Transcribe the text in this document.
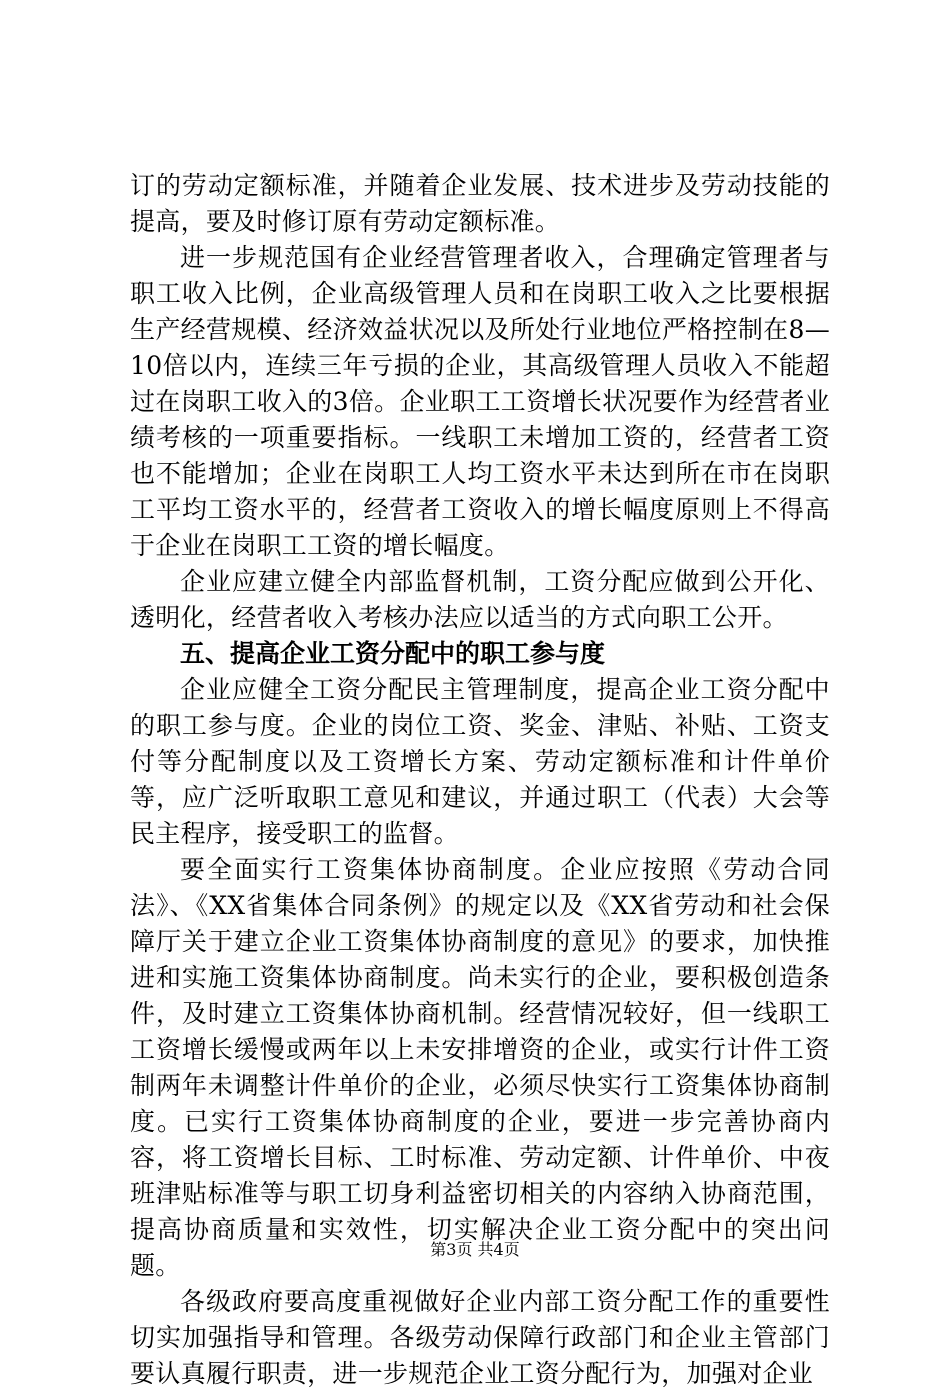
订的劳动定额标准，并随着企业发展、技术进步及劳动技能的提高，要及时修订原有劳动定额标准。

进一步规范国有企业经营管理者收入，合理确定管理者与职工收入比例，企业高级管理人员和在岗职工收入之比要根据生产经营规模、经济效益状况以及所处行业地位严格控制在8—10倍以内，连续三年亏损的企业，其高级管理人员收入不能超过在岗职工收入的3倍。企业职工工资增长状况要作为经营者业绩考核的一项重要指标。一线职工未增加工资的，经营者工资也不能增加；企业在岗职工人均工资水平未达到所在市在岗职工平均工资水平的，经营者工资收入的增长幅度原则上不得高于企业在岗职工工资的增长幅度。

企业应建立健全内部监督机制，工资分配应做到公开化、透明化，经营者收入考核办法应以适当的方式向职工公开。

五、提高企业工资分配中的职工参与度

企业应健全工资分配民主管理制度，提高企业工资分配中的职工参与度。企业的岗位工资、奖金、津贴、补贴、工资支付等分配制度以及工资增长方案、劳动定额标准和计件单价等，应广泛听取职工意见和建议，并通过职工（代表）大会等民主程序，接受职工的监督。

要全面实行工资集体协商制度。企业应按照《劳动合同法》、《XX省集体合同条例》的规定以及《XX省劳动和社会保障厅关于建立企业工资集体协商制度的意见》的要求，加快推进和实施工资集体协商制度。尚未实行的企业，要积极创造条件，及时建立工资集体协商机制。经营情况较好，但一线职工工资增长缓慢或两年以上未安排增资的企业，或实行计件工资制两年未调整计件单价的企业，必须尽快实行工资集体协商制度。已实行工资集体协商制度的企业，要进一步完善协商内容，将工资增长目标、工时标准、劳动定额、计件单价、中夜班津贴标准等与职工切身利益密切相关的内容纳入协商范围，提高协商质量和实效性，切实解决企业工资分配中的突出问题。

各级政府要高度重视做好企业内部工资分配工作的重要性切实加强指导和管理。各级劳动保障行政部门和企业主管部门要认真履行职责，进一步规范企业工资分配行为，加强对企业

第3页 共4页
